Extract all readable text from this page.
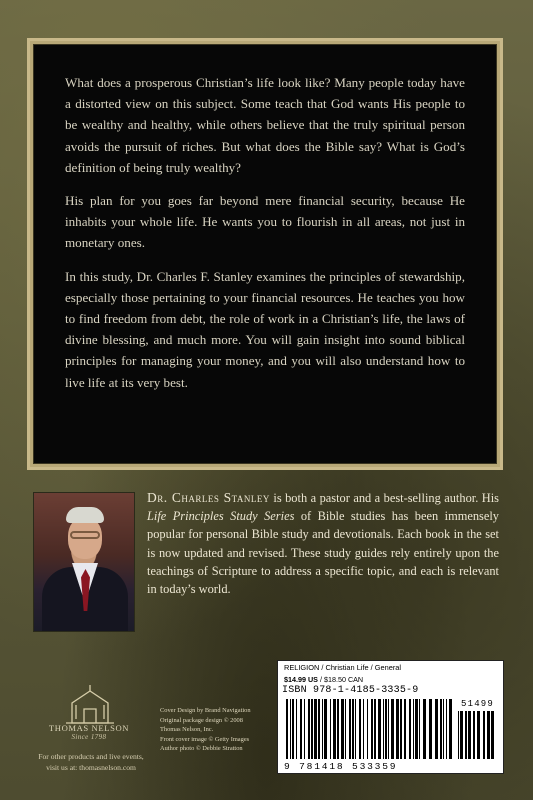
What does a prosperous Christian’s life look like? Many people today have a distorted view on this subject. Some teach that God wants His people to be wealthy and healthy, while others believe that the truly spiritual person avoids the pursuit of riches. But what does the Bible say? What is God’s definition of being truly wealthy?

His plan for you goes far beyond mere financial security, because He inhabits your whole life. He wants you to flourish in all areas, not just in monetary ones.

In this study, Dr. Charles F. Stanley examines the principles of stewardship, especially those pertaining to your financial resources. He teaches you how to find freedom from debt, the role of work in a Christian’s life, the laws of divine blessing, and much more. You will gain insight into sound biblical principles for managing your money, and you will also understand how to live life at its very best.

Dr. Charles Stanley is both a pastor and a best-selling author. His Life Principles Study Series of Bible studies has been immensely popular for personal Bible study and devotionals. Each book in the set is now updated and revised. These study guides rely entirely upon the teachings of Scripture to address a specific topic, and each is relevant in today’s world.
THOMAS NELSON
Since 1798
For other products and live events,
visit us at: thomasnelson.com
Cover Design by Brand Navigation
Original package design © 2008
Thomas Nelson, Inc.
Front cover image © Getty Images
Author photo © Debbie Stratton
RELIGION / Christian Life / General
$14.99 US / $18.50 CAN
ISBN 978-1-4185-3335-9
51499
9 781418 533359
